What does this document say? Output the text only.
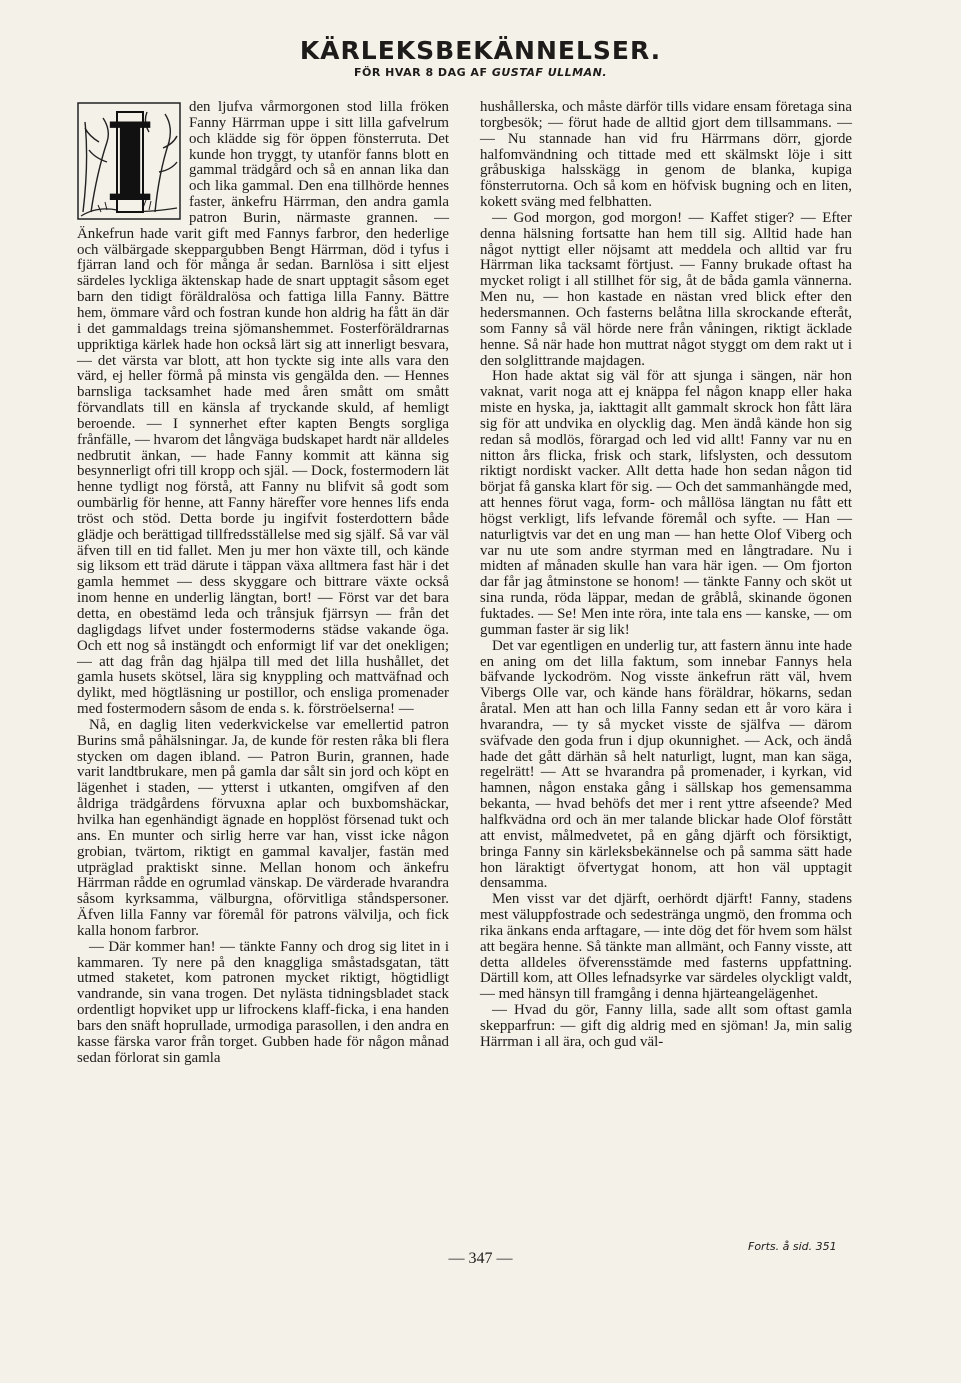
KÄRLEKSBEKÄNNELSER.
FÖR HVAR 8 DAG AF GUSTAF ULLMAN.
I	den ljufva vårmorgonen stod lilla fröken Fanny Härrman uppe i sitt lilla gafvelrum och klädde sig för öppen fönsterruta. Det kunde hon tryggt, ty utanför fanns blott en gammal trädgård och så en annan lika dan och lika gammal. Den ena tillhörde hennes faster, änkefru Härrman, den andra gamla patron Burin, närmaste grannen. — Änkefrun hade varit gift med Fannys farbror, den hederlige och välbärgade skeppargubben Bengt Härrman, död i tyfus i fjärran land och för många år sedan. Barnlösa i sitt eljest särdeles lyckliga äktenskap hade de snart upptagit såsom eget barn den tidigt föräldralösa och fattiga lilla Fanny. Bättre hem, ömmare vård och fostran kunde hon aldrig ha fått än där i det gammaldags treina sjömanshemmet. Fosterföräldrarnas uppriktiga kärlek hade hon också lärt sig att innerligt besvara, — det värsta var blott, att hon tyckte sig inte alls vara den värd, ej heller förmå på minsta vis gengälda den. — Hennes barnsliga tacksamhet hade med åren smått om smått förvandlats till en känsla af tryckande skuld, af hemligt beroende. — I synnerhet efter kapten Bengts sorgliga frånfälle, — hvarom det långväga budskapet hardt när alldeles nedbrutit änkan, — hade Fanny kommit att känna sig besynnerligt ofri till kropp och själ. — Dock, fostermodern lät henne tydligt nog förstå, att Fanny nu blifvit så godt som oumbärlig för henne, att Fanny häreft̃er vore hennes lifs enda tröst och stöd. Detta borde ju ingifvit fosterdottern både glädje och berättigad tillfredsställelse med sig själf. Så var väl äfven till en tid fallet. Men ju mer hon växte till, och kände sig liksom ett träd därute i täppan växa alltmera fast här i det gamla hemmet — dess skyggare och bittrare växte också inom henne en underlig längtan, bort! — Först var det bara detta, en obestämd leda och trånsjuk fjärrsyn — från det dagligdags lifvet under fostermoderns städse vakande öga. Och ett nog så instängdt och enformigt lif var det onekligen; — att dag från dag hjälpa till med det lilla hushållet, det gamla husets skötsel, lära sig knyppling och mattväfnad och dylikt, med högtläsning ur postillor, och ensliga promenader med fostermodern såsom de enda s. k. förströelserna! —

Nå, en daglig liten vederkvickelse var emellertid patron Burins små påhälsningar. Ja, de kunde för resten råka bli flera stycken om dagen ibland. — Patron Burin, grannen, hade varit landtbrukare, men på gamla dar sålt sin jord och köpt en lägenhet i staden, — ytterst i utkanten, omgifven af den åldriga trädgårdens förvuxna aplar och buxbomshäckar, hvilka han egenhändigt ägnade en hopplöst försenad tukt och ans. En munter och sirlig herre var han, visst icke någon grobian, tvärtom, riktigt en gammal kavaljer, fastän med utpräglad praktiskt sinne. Mellan honom och änkefru Härrman rådde en ogrumlad vänskap. De värderade hvarandra såsom kyrksamma, välburgna, oförvitliga ståndspersoner. Äfven lilla Fanny var föremål för patrons välvilja, och fick kalla honom farbror.

— Där kommer han! — tänkte Fanny och drog sig litet in i kammaren. Ty nere på den knaggliga småstadsgatan, tätt utmed staketet, kom patronen mycket riktigt, högtidligt vandrande, sin vana trogen. Det nylästa tidningsbladet stack ordentligt hopviket upp ur lifrockens klaff-ficka, i ena handen bars den snäft hoprullade, urmodiga parasollen, i den andra en kasse färska varor från torget. Gubben hade för någon månad sedan förlorat sin gamla

hushållerska, och måste därför tills vidare ensam företaga sina torgbesök; — förut hade de alltid gjort dem tillsammans. — — Nu stannade han vid fru Härrmans dörr, gjorde halfomvändning och tittade med ett skälmskt löje i sitt gråbuskiga halsskägg in genom de blanka, kupiga fönsterrutorna. Och så kom en höfvisk bugning och en liten, kokett sväng med felbhatten.

— God morgon, god morgon! — Kaffet stiger? — Efter denna hälsning fortsatte han hem till sig. Alltid hade han något nyttigt eller nöjsamt att meddela och alltid var fru Härrman lika tacksamt förtjust. — Fanny brukade oftast ha mycket roligt i all stillhet för sig, åt de båda gamla vännerna. Men nu, — hon kastade en nästan vred blick efter den hedersmannen. Och fasterns belåtna lilla skrockande efteråt, som Fanny så väl hörde nere från våningen, riktigt äcklade henne. Så när hade hon muttrat något styggt om dem rakt ut i den solglittrande majdagen.

Hon hade aktat sig väl för att sjunga i sängen, när hon vaknat, varit noga att ej knäppa fel någon knapp eller haka miste en hyska, ja, iakttagit allt gammalt skrock hon fått lära sig för att undvika en olycklig dag. Men ändå kände hon sig redan så modlös, förargad och led vid allt! Fanny var nu en nitton års flicka, frisk och stark, lifslysten, och dessutom riktigt nordiskt vacker. Allt detta hade hon sedan någon tid börjat få ganska klart för sig. — Och det sammanhängde med, att hennes förut vaga, form- och mållösa längtan nu fått ett högst verkligt, lifs lefvande föremål och syfte. — Han — naturligtvis var det en ung man — han hette Olof Viberg och var nu ute som andre styrman med en långtradare. Nu i midten af månaden skulle han vara här igen. — Om fjorton dar får jag åtminstone se honom! — tänkte Fanny och sköt ut sina runda, röda läppar, medan de gråblå, skinande ögonen fuktades. — Se! Men inte röra, inte tala ens — kanske, — om gumman faster är sig lik!

Det var egentligen en underlig tur, att fastern ännu inte hade en aning om det lilla faktum, som innebar Fannys hela bäfvande lyckodröm. Nog visste änkefrun rätt väl, hvem Vibergs Olle var, och kände hans föräldrar, hökarns, sedan åratal. Men att han och lilla Fanny sedan ett år voro kära i hvarandra, — ty så mycket visste de själfva — därom sväfvade den goda frun i djup okunnighet. — Ack, och ändå hade det gått därhän så helt naturligt, lugnt, man kan säga, regelrätt! — Att se hvarandra på promenader, i kyrkan, vid hamnen, någon enstaka gång i sällskap hos gemensamma bekanta, — hvad behöfs det mer i rent yttre afseende? Med halfkvädna ord och än mer talande blickar hade Olof förstått att envist, målmedvetet, på en gång djärft och försiktigt, bringa Fanny sin kärleksbekännelse och på samma sätt hade hon läraktigt öfvertygat honom, att hon väl upptagit densamma.

Men visst var det djärft, oerhördt djärft! Fanny, stadens mest väluppfostrade och sedestränga ungmö, den fromma och rika änkans enda arftagare, — inte dög det för hvem som hälst att begära henne. Så tänkte man allmänt, och Fanny visste, att detta alldeles öfverensstämde med fasterns uppfattning. Därtill kom, att Olles lefnadsyrke var särdeles olyckligt valdt, — med hänsyn till framgång i denna hjärteangelägenhet.

— Hvad du gör, Fanny lilla, sade allt som oftast gamla skepparfrun: — gift dig aldrig med en sjöman! Ja, min salig Härrman i all ära, och gud väl-

Forts. å sid. 351
— 347 —
